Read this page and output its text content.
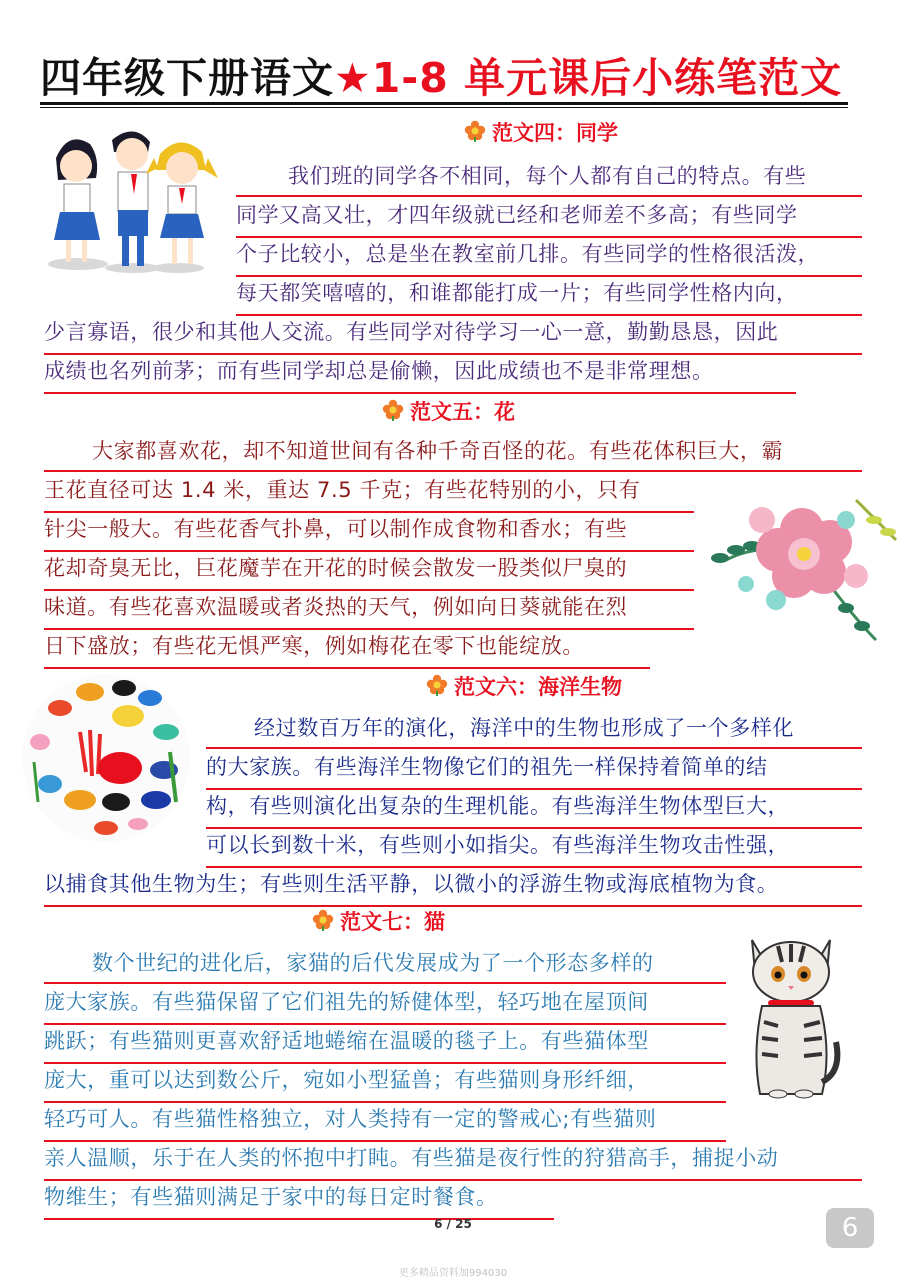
四年级下册语文★1-8 单元课后小练笔范文
范文四：同学
我们班的同学各不相同，每个人都有自己的特点。有些
同学又高又壮，才四年级就已经和老师差不多高；有些同学
个子比较小，总是坐在教室前几排。有些同学的性格很活泼，
每天都笑嘻嘻的，和谁都能打成一片；有些同学性格内向，
少言寡语，很少和其他人交流。有些同学对待学习一心一意，勤勤恳恳，因此
成绩也名列前茅；而有些同学却总是偷懒，因此成绩也不是非常理想。
范文五：花
大家都喜欢花，却不知道世间有各种千奇百怪的花。有些花体积巨大，霸
王花直径可达 1.4 米，重达 7.5 千克；有些花特别的小，只有
针尖一般大。有些花香气扑鼻，可以制作成食物和香水；有些
花却奇臭无比，巨花魔芋在开花的时候会散发一股类似尸臭的
味道。有些花喜欢温暖或者炎热的天气，例如向日葵就能在烈
日下盛放；有些花无惧严寒，例如梅花在零下也能绽放。
范文六：海洋生物
经过数百万年的演化，海洋中的生物也形成了一个多样化
的大家族。有些海洋生物像它们的祖先一样保持着简单的结
构，有些则演化出复杂的生理机能。有些海洋生物体型巨大，
可以长到数十米，有些则小如指尖。有些海洋生物攻击性强，
以捕食其他生物为生；有些则生活平静，以微小的浮游生物或海底植物为食。
范文七：猫
数个世纪的进化后，家猫的后代发展成为了一个形态多样的
庞大家族。有些猫保留了它们祖先的矫健体型，轻巧地在屋顶间
跳跃；有些猫则更喜欢舒适地蜷缩在温暖的毯子上。有些猫体型
庞大，重可以达到数公斤，宛如小型猛兽；有些猫则身形纤细，
轻巧可人。有些猫性格独立，对人类持有一定的警戒心;有些猫则
亲人温顺，乐于在人类的怀抱中打盹。有些猫是夜行性的狩猎高手，捕捉小动
物维生；有些猫则满足于家中的每日定时餐食。
6 / 25	6
更多精品资料加994030
